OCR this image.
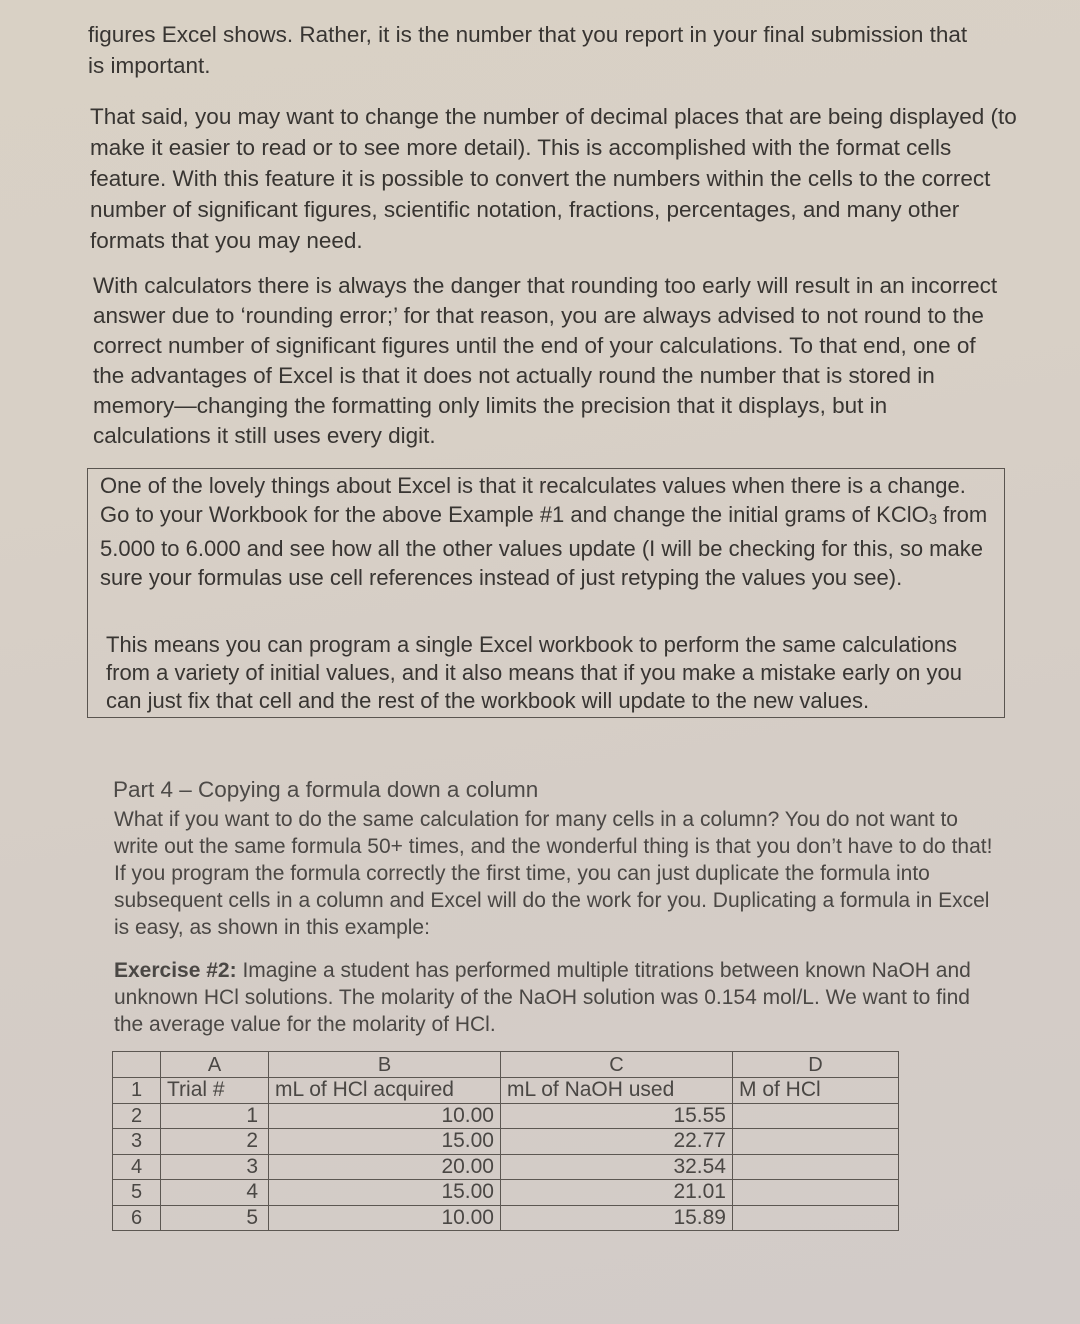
figures Excel shows. Rather, it is the number that you report in your final submission that is important.

That said, you may want to change the number of decimal places that are being displayed (to make it easier to read or to see more detail). This is accomplished with the format cells feature. With this feature it is possible to convert the numbers within the cells to the correct number of significant figures, scientific notation, fractions, percentages, and many other formats that you may need.

With calculators there is always the danger that rounding too early will result in an incorrect answer due to ‘rounding error;’ for that reason, you are always advised to not round to the correct number of significant figures until the end of your calculations. To that end, one of the advantages of Excel is that it does not actually round the number that is stored in memory—changing the formatting only limits the precision that it displays, but in calculations it still uses every digit.

One of the lovely things about Excel is that it recalculates values when there is a change. Go to your Workbook for the above Example #1 and change the initial grams of KClO$_3$ from 5.000 to 6.000 and see how all the other values update (I will be checking for this, so make sure your formulas use cell references instead of just retyping the values you see).

This means you can program a single Excel workbook to perform the same calculations from a variety of initial values, and it also means that if you make a mistake early on you can just fix that cell and the rest of the workbook will update to the new values.

Part 4 – Copying a formula down a column

What if you want to do the same calculation for many cells in a column? You do not want to write out the same formula 50+ times, and the wonderful thing is that you don’t have to do that! If you program the formula correctly the first time, you can just duplicate the formula into subsequent cells in a column and Excel will do the work for you. Duplicating a formula in Excel is easy, as shown in this example:

Exercise #2: Imagine a student has performed multiple titrations between known NaOH and unknown HCl solutions. The molarity of the NaOH solution was 0.154 mol/L. We want to find the average value for the molarity of HCl.

	A	B	C	D
1	Trial #	mL of HCl acquired	mL of NaOH used	M of HCl
2	1	10.00	15.55	
3	2	15.00	22.77	
4	3	20.00	32.54	
5	4	15.00	21.01	
6	5	10.00	15.89	
